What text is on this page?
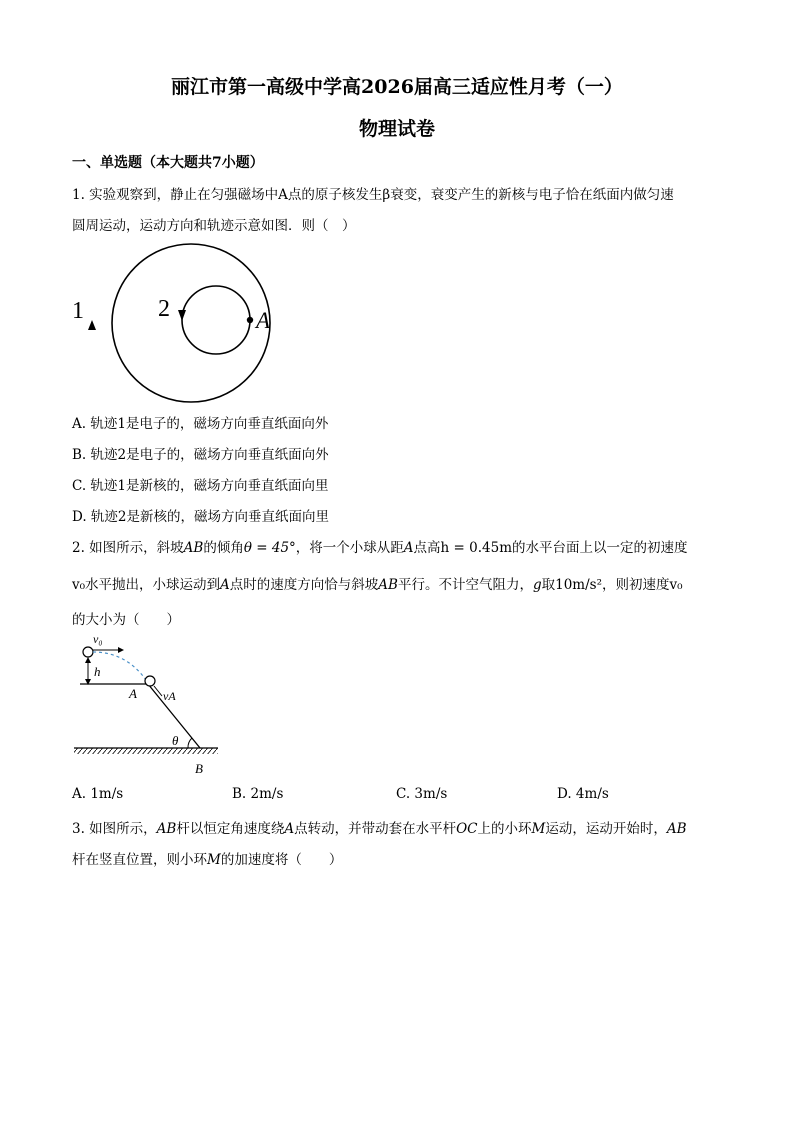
丽江市第一高级中学高2026届高三适应性月考（一）
物理试卷
一、单选题（本大题共7小题）
1. 实验观察到，静止在匀强磁场中A点的原子核发生β衰变，衰变产生的新核与电子恰在纸面内做匀速
圆周运动，运动方向和轨迹示意如图．则（　）
1	2	A
A. 轨迹1是电子的，磁场方向垂直纸面向外
B. 轨迹2是电子的，磁场方向垂直纸面向外
C. 轨迹1是新核的，磁场方向垂直纸面向里
D. 轨迹2是新核的，磁场方向垂直纸面向里
2. 如图所示，斜坡AB的倾角θ = 45°，将一个小球从距A点高h = 0.45m的水平台面上以一定的初速度
v₀水平抛出，小球运动到A点时的速度方向恰与斜坡AB平行。不计空气阻力，g取10m/s²，则初速度v₀
的大小为（　　）
v₀
h
A vA
θ
B
A. 1m/s	B. 2m/s	C. 3m/s	D. 4m/s
3. 如图所示，AB杆以恒定角速度绕A点转动，并带动套在水平杆OC上的小环M运动，运动开始时，AB
杆在竖直位置，则小环M的加速度将（　　）
